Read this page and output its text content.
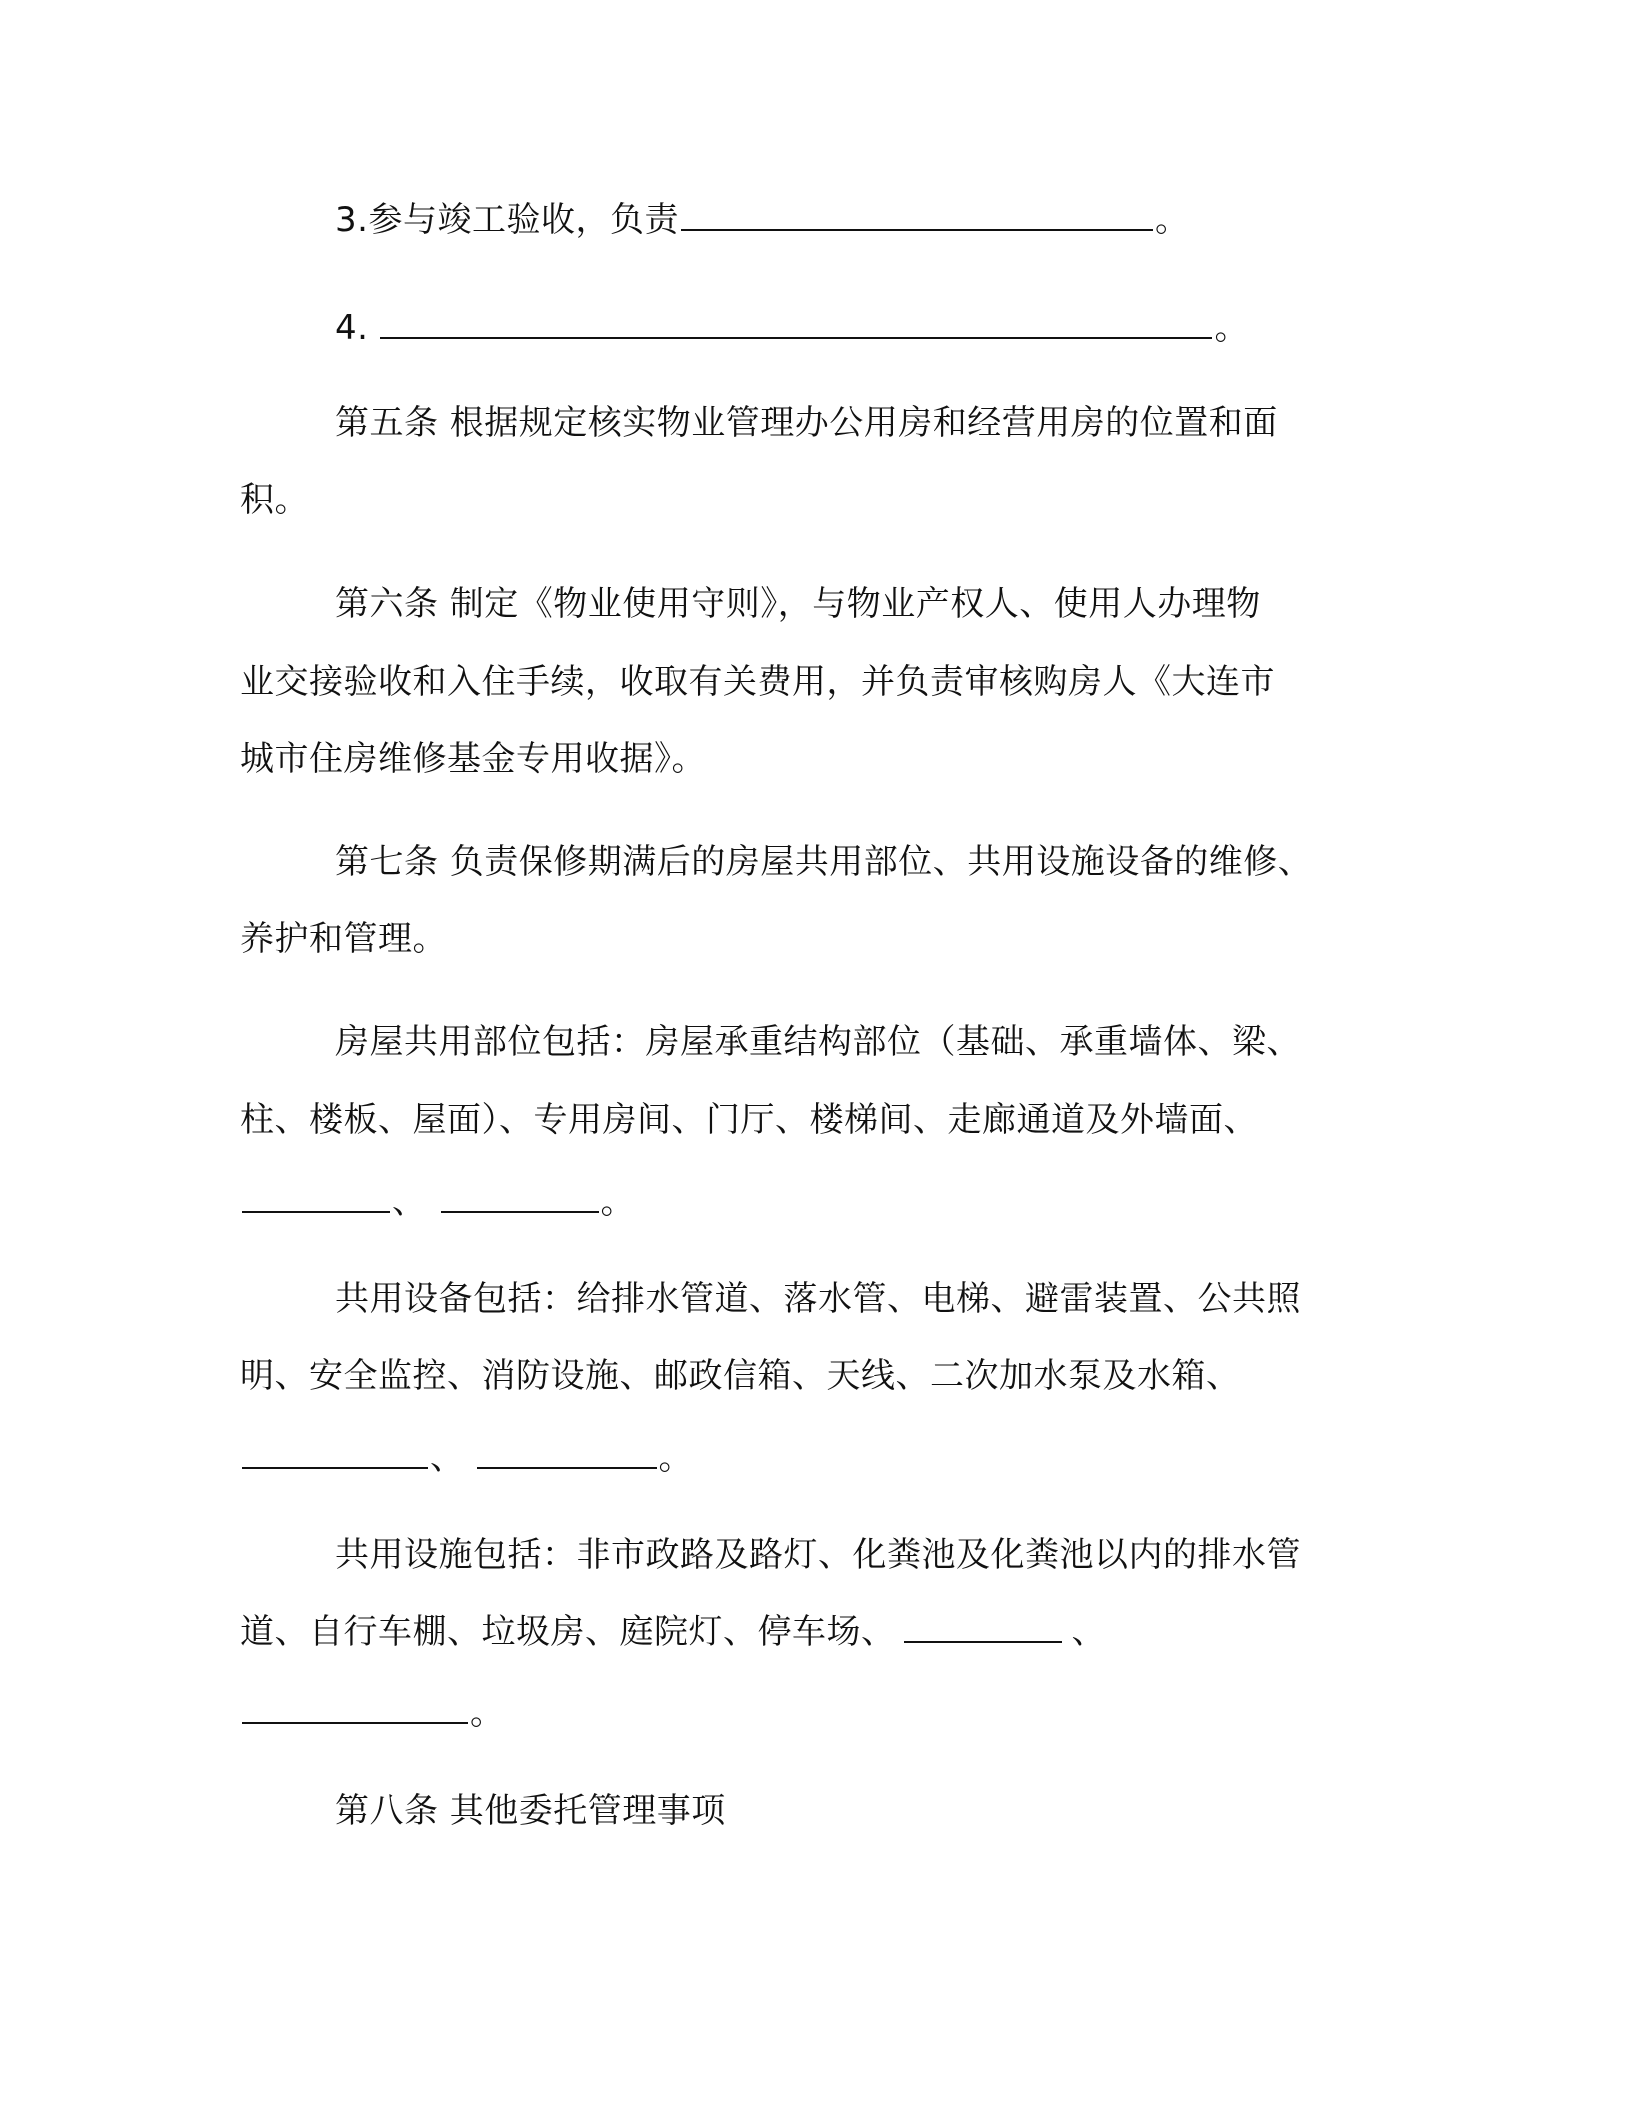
3.参与竣工验收，负责	。
4.	。
第五条 根据规定核实物业管理办公用房和经营用房的位置和面
积。
第六条 制定《物业使用守则》，与物业产权人、使用人办理物
业交接验收和入住手续，收取有关费用，并负责审核购房人《大连市
城市住房维修基金专用收据》。
第七条 负责保修期满后的房屋共用部位、共用设施设备的维修、
养护和管理。
房屋共用部位包括：房屋承重结构部位（基础、承重墙体、梁、
柱、楼板、屋面）、专用房间、门厅、楼梯间、走廊通道及外墙面、
、	。
共用设备包括：给排水管道、落水管、电梯、避雷装置、公共照
明、安全监控、消防设施、邮政信箱、天线、二次加水泵及水箱、
、	。
共用设施包括：非市政路及路灯、化粪池及化粪池以内的排水管
道、自行车棚、垃圾房、庭院灯、停车场、	、
。
第八条 其他委托管理事项
